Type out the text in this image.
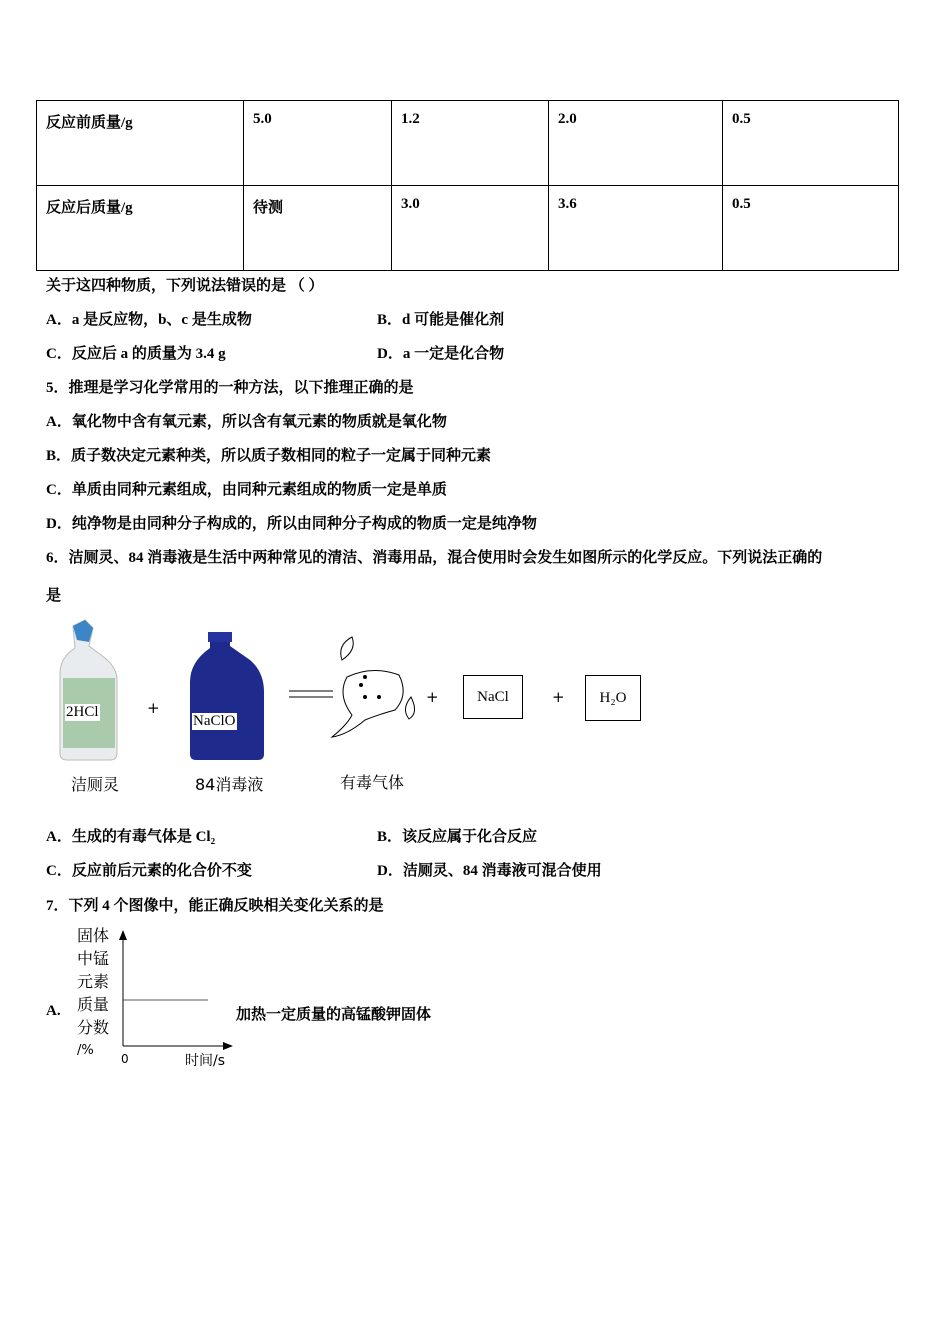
反应前质量/g	5.0	1.2	2.0	0.5
反应后质量/g	待测	3.0	3.6	0.5
关于这四种物质，下列说法错误的是 （ ）
A．a 是反应物，b、c 是生成物	B．d 可能是催化剂
C．反应后 a 的质量为 3.4 g	D．a 一定是化合物
5．推理是学习化学常用的一种方法，以下推理正确的是
A．氧化物中含有氧元素，所以含有氧元素的物质就是氧化物
B．质子数决定元素种类，所以质子数相同的粒子一定属于同种元素
C．单质由同种元素组成，由同种元素组成的物质一定是单质
D．纯净物是由同种分子构成的，所以由同种分子构成的物质一定是纯净物
6．洁厕灵、84 消毒液是生活中两种常见的清洁、消毒用品，混合使用时会发生如图所示的化学反应。下列说法正确的
是
2HCl	+
NaClO
+	NaCl	+	H₂O
洁厕灵	84消毒液	有毒气体
A．生成的有毒气体是 Cl₂	B．该反应属于化合反应
C．反应前后元素的化合价不变	D．洁厕灵、84 消毒液可混合使用
7．下列 4 个图像中，能正确反映相关变化关系的是
A.
固体
中锰
元素
质量
分数
/%
0	时间/s
加热一定质量的高锰酸钾固体
